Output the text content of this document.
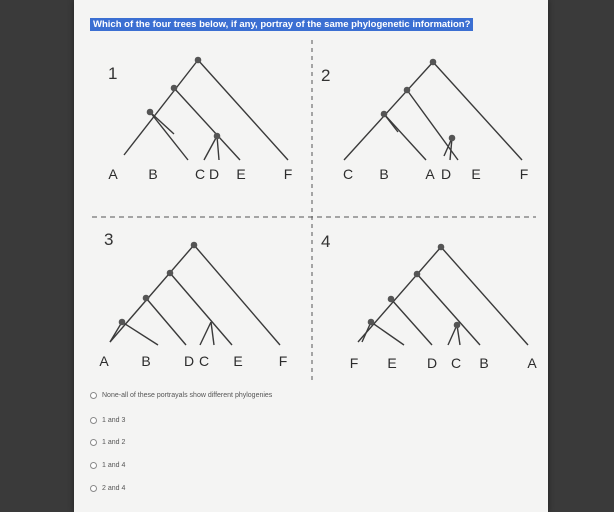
Which of the four trees below, if any, portray of the same phylogenetic information?
1	2
3	4
A B	C D E	F	C B	A D E	F
A B D C E	F	F E D C B	A
None-all of these portrayals show different phylogenies
1 and 3
1 and 2
1 and 4
2 and 4
